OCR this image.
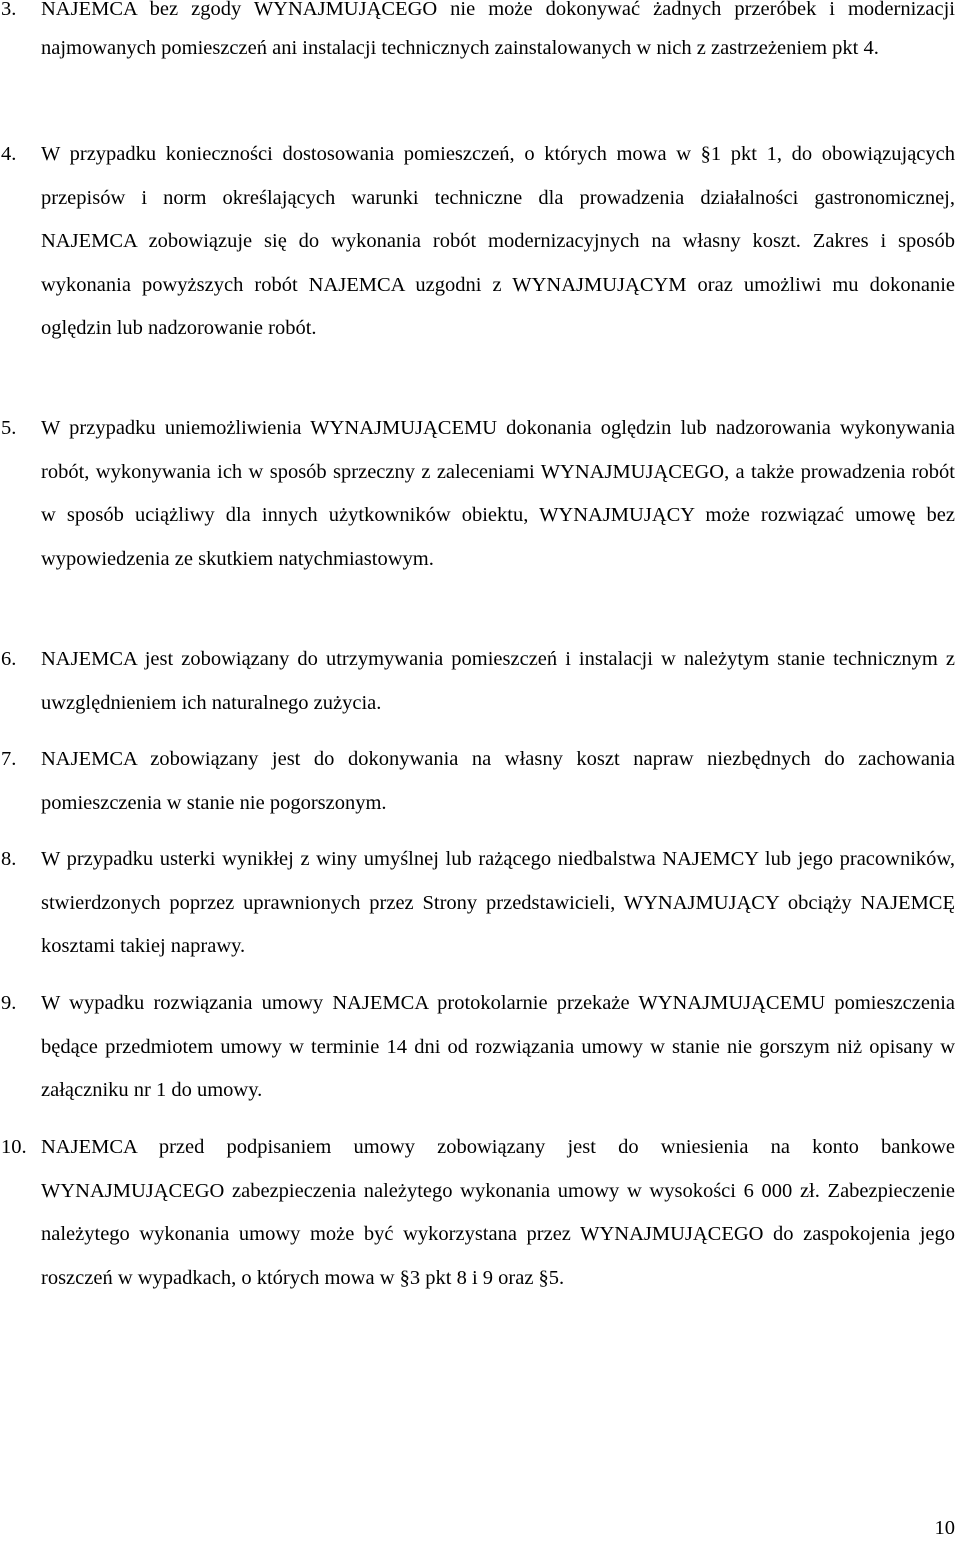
3. NAJEMCA bez zgody WYNAJMUJĄCEGO nie może dokonywać żadnych przeróbek i modernizacji najmowanych pomieszczeń ani instalacji technicznych zainstalowanych w nich z zastrzeżeniem pkt 4.
4. W przypadku konieczności dostosowania pomieszczeń, o których mowa w §1 pkt 1, do obowiązujących przepisów i norm określających warunki techniczne dla prowadzenia działalności gastronomicznej, NAJEMCA zobowiązuje się do wykonania robót modernizacyjnych na własny koszt. Zakres i sposób wykonania powyższych robót NAJEMCA uzgodni z WYNAJMUJĄCYM oraz umożliwi mu dokonanie oględzin lub nadzorowanie robót.
5. W przypadku uniemożliwienia WYNAJMUJĄCEMU dokonania oględzin lub nadzorowania wykonywania robót, wykonywania ich w sposób sprzeczny z zaleceniami WYNAJMUJĄCEGO, a także prowadzenia robót w sposób uciążliwy dla innych użytkowników obiektu, WYNAJMUJĄCY może rozwiązać umowę bez wypowiedzenia ze skutkiem natychmiastowym.
6. NAJEMCA jest zobowiązany do utrzymywania pomieszczeń i instalacji w należytym stanie technicznym z uwzględnieniem ich naturalnego zużycia.
7. NAJEMCA zobowiązany jest do dokonywania na własny koszt napraw niezbędnych do zachowania pomieszczenia w stanie nie pogorszonym.
8. W przypadku usterki wynikłej z winy umyślnej lub rażącego niedbalstwa NAJEMCY lub jego pracowników, stwierdzonych poprzez uprawnionych przez Strony przedstawicieli, WYNAJMUJĄCY obciąży NAJEMCĘ kosztami takiej naprawy.
9. W wypadku rozwiązania umowy NAJEMCA protokolarnie przekaże WYNAJMUJĄCEMU pomieszczenia będące przedmiotem umowy w terminie 14 dni od rozwiązania umowy w stanie nie gorszym niż opisany w załączniku nr 1 do umowy.
10. NAJEMCA przed podpisaniem umowy zobowiązany jest do wniesienia na konto bankowe WYNAJMUJĄCEGO zabezpieczenia należytego wykonania umowy w wysokości 6 000 zł. Zabezpieczenie należytego wykonania umowy może być wykorzystana przez WYNAJMUJĄCEGO do zaspokojenia jego roszczeń w wypadkach, o których mowa w §3 pkt 8 i 9 oraz §5.
10
